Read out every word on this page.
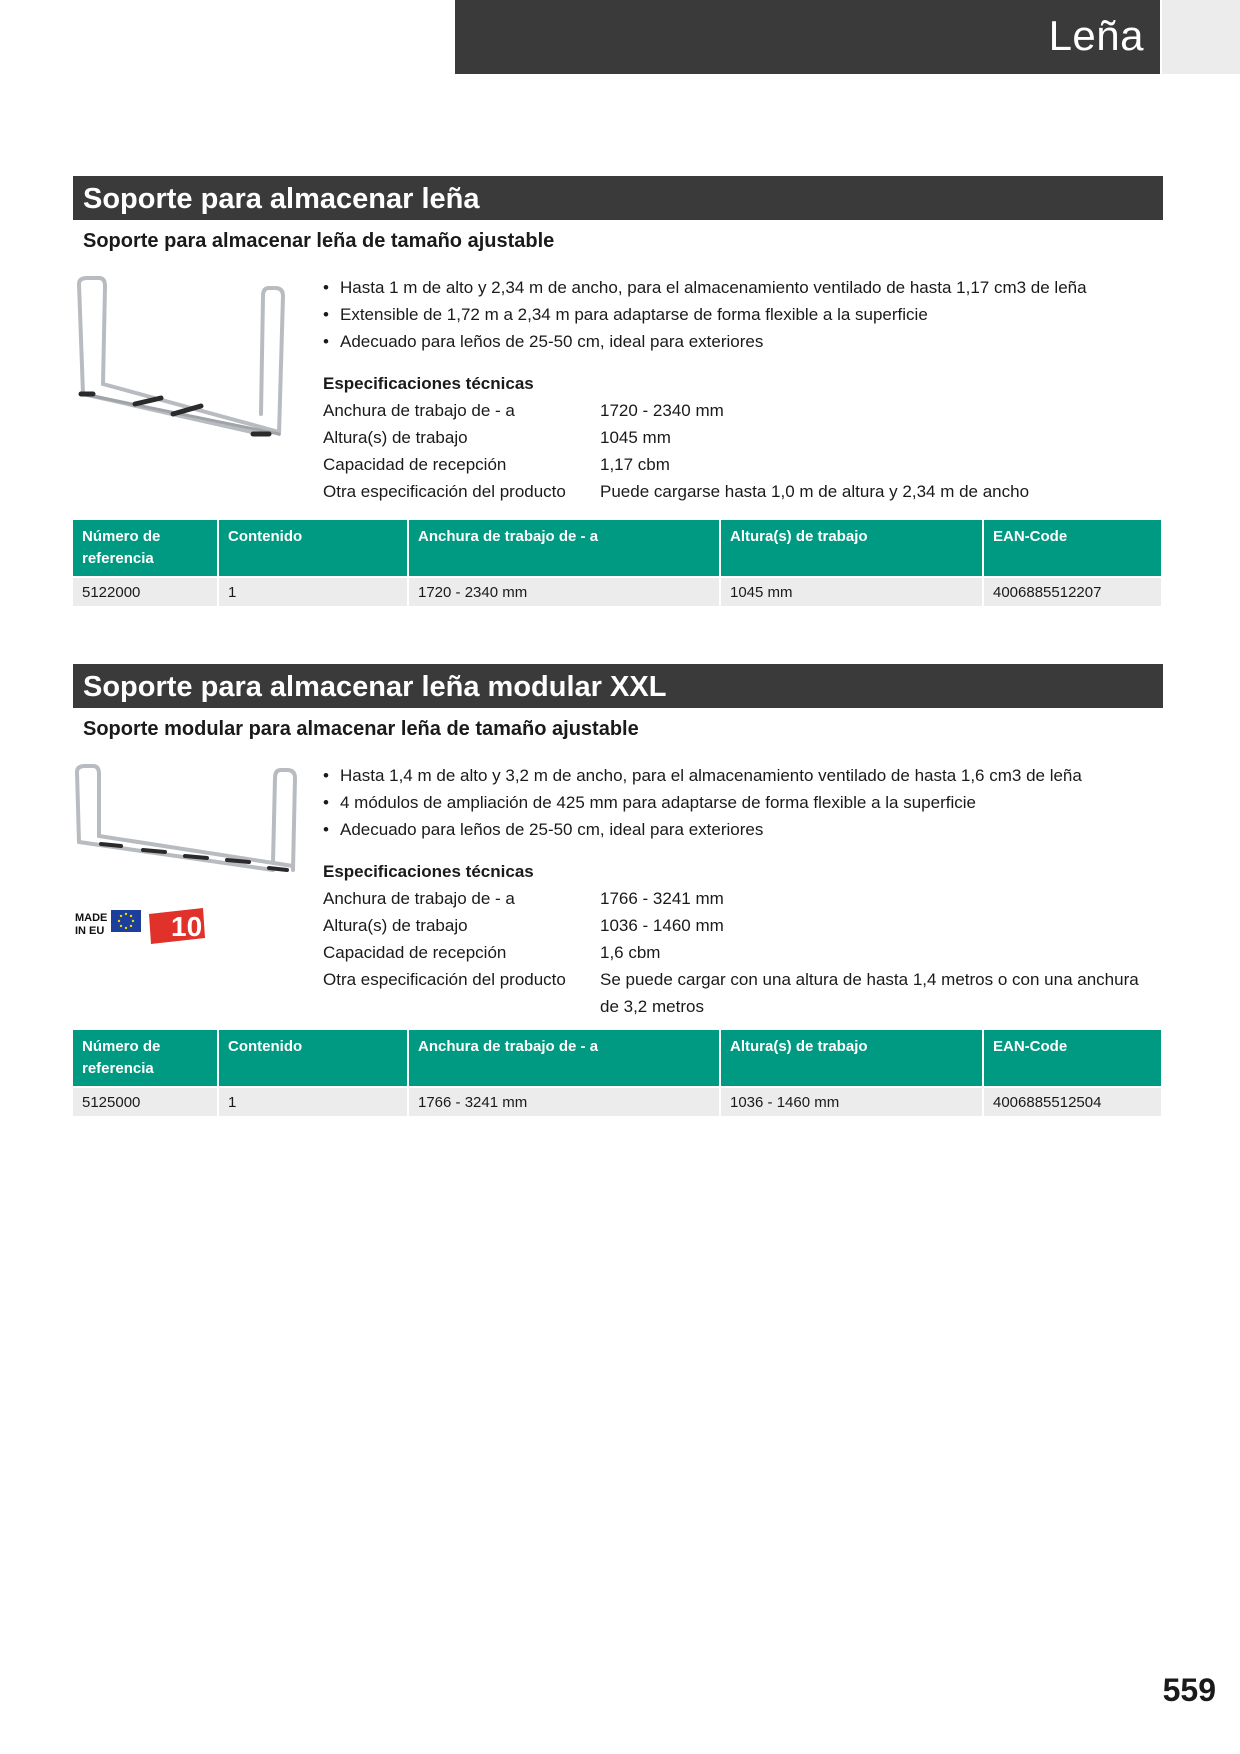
Leña
Soporte para almacenar leña
Soporte para almacenar leña de tamaño ajustable
• Hasta 1 m de alto y 2,34 m de ancho, para el almacenamiento ventilado de hasta 1,17 cm3 de leña
• Extensible de 1,72 m a 2,34 m para adaptarse de forma flexible a la superficie
• Adecuado para leños de 25-50 cm, ideal para exteriores
Especificaciones técnicas
Anchura de trabajo de - a	1720 - 2340 mm
Altura(s) de trabajo	1045 mm
Capacidad de recepción	1,17 cbm
Otra especificación del producto	Puede cargarse hasta 1,0 m de altura y 2,34 m de ancho
Número de referencia	Contenido	Anchura de trabajo de - a	Altura(s) de trabajo	EAN-Code
5122000	1	1720 - 2340 mm	1045 mm	4006885512207
Soporte para almacenar leña modular XXL
Soporte modular para almacenar leña de tamaño ajustable
MADE
IN EU 10
• Hasta 1,4 m de alto y 3,2 m de ancho, para el almacenamiento ventilado de hasta 1,6 cm3 de leña
• 4 módulos de ampliación de 425 mm para adaptarse de forma flexible a la superficie
• Adecuado para leños de 25-50 cm, ideal para exteriores
Especificaciones técnicas
Anchura de trabajo de - a	1766 - 3241 mm
Altura(s) de trabajo	1036 - 1460 mm
Capacidad de recepción	1,6 cbm
Otra especificación del producto	Se puede cargar con una altura de hasta 1,4 metros o con una anchura de 3,2 metros
Número de referencia	Contenido	Anchura de trabajo de - a	Altura(s) de trabajo	EAN-Code
5125000	1	1766 - 3241 mm	1036 - 1460 mm	4006885512504
559
